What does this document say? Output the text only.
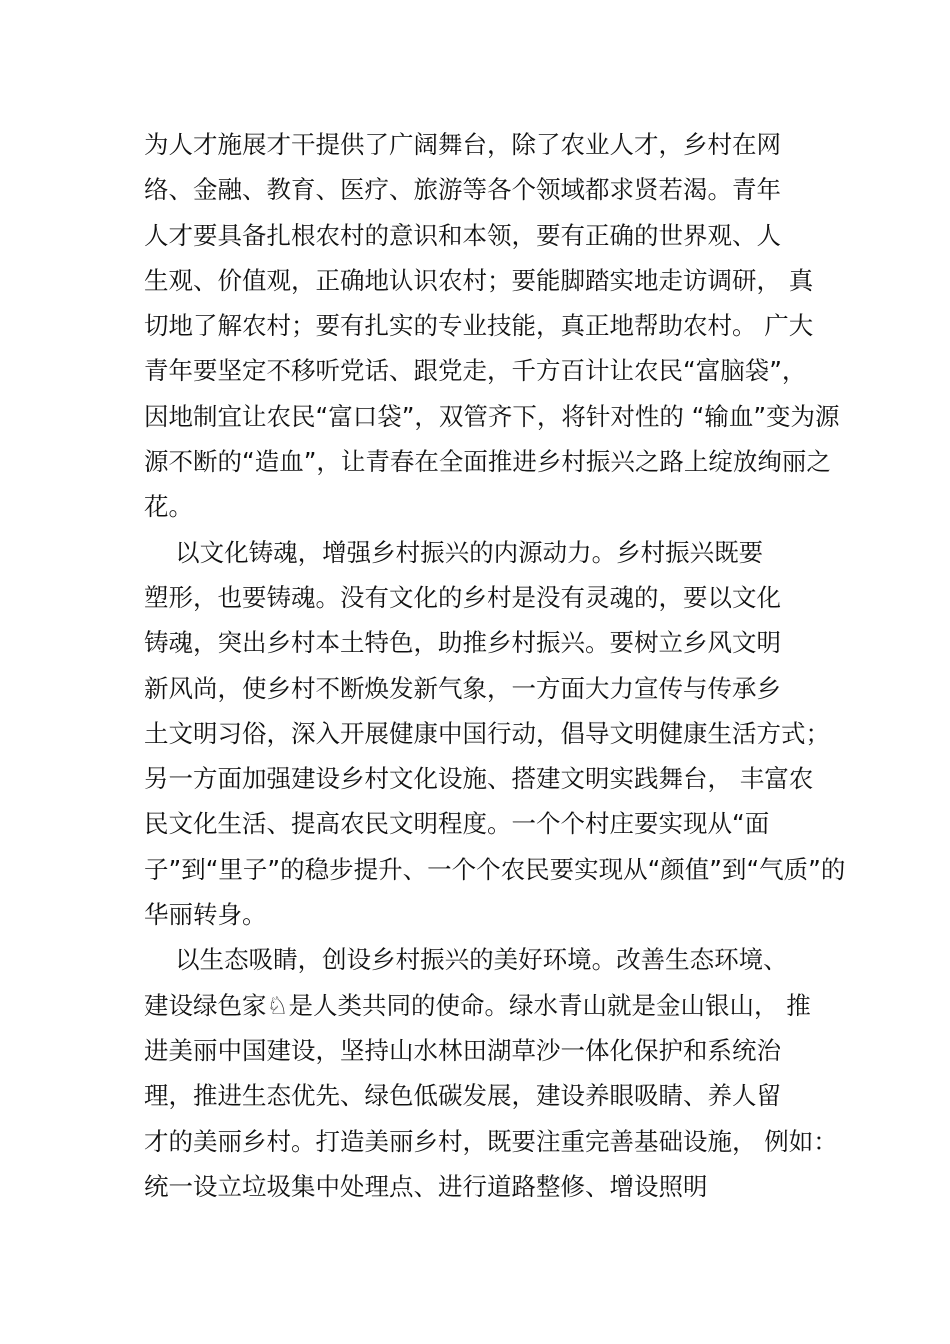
为人才施展才干提供了广阔舞台，除了农业人才，乡村在网
络、金融、教育、医疗、旅游等各个领域都求贤若渴。青年
人才要具备扎根农村的意识和本领，要有正确的世界观、人
生观、价值观，正确地认识农村；要能脚踏实地走访调研， 真
切地了解农村；要有扎实的专业技能，真正地帮助农村。 广大
青年要坚定不移听党话、跟党走，千方百计让农民“富脑袋”，
因地制宜让农民“富口袋”，双管齐下，将针对性的 “输血”变为源
源不断的“造血”，让青春在全面推进乡村振兴之路上绽放绚丽之
花。
以文化铸魂，增强乡村振兴的内源动力。乡村振兴既要
塑形，也要铸魂。没有文化的乡村是没有灵魂的，要以文化
铸魂，突出乡村本土特色，助推乡村振兴。要树立乡风文明
新风尚，使乡村不断焕发新气象，一方面大力宣传与传承乡
土文明习俗，深入开展健康中国行动，倡导文明健康生活方式；
另一方面加强建设乡村文化设施、搭建文明实践舞台， 丰富农
民文化生活、提高农民文明程度。一个个村庄要实现从“面
子”到“里子”的稳步提升、一个个农民要实现从“颜值”到“气质”的
华丽转身。
以生态吸睛，创设乡村振兴的美好环境。改善生态环境、
建设绿色家♘是人类共同的使命。绿水青山就是金山银山， 推
进美丽中国建设，坚持山水林田湖草沙一体化保护和系统治
理，推进生态优先、绿色低碳发展，建设养眼吸睛、养人留
才的美丽乡村。打造美丽乡村，既要注重完善基础设施， 例如：
统一设立垃圾集中处理点、进行道路整修、增设照明
